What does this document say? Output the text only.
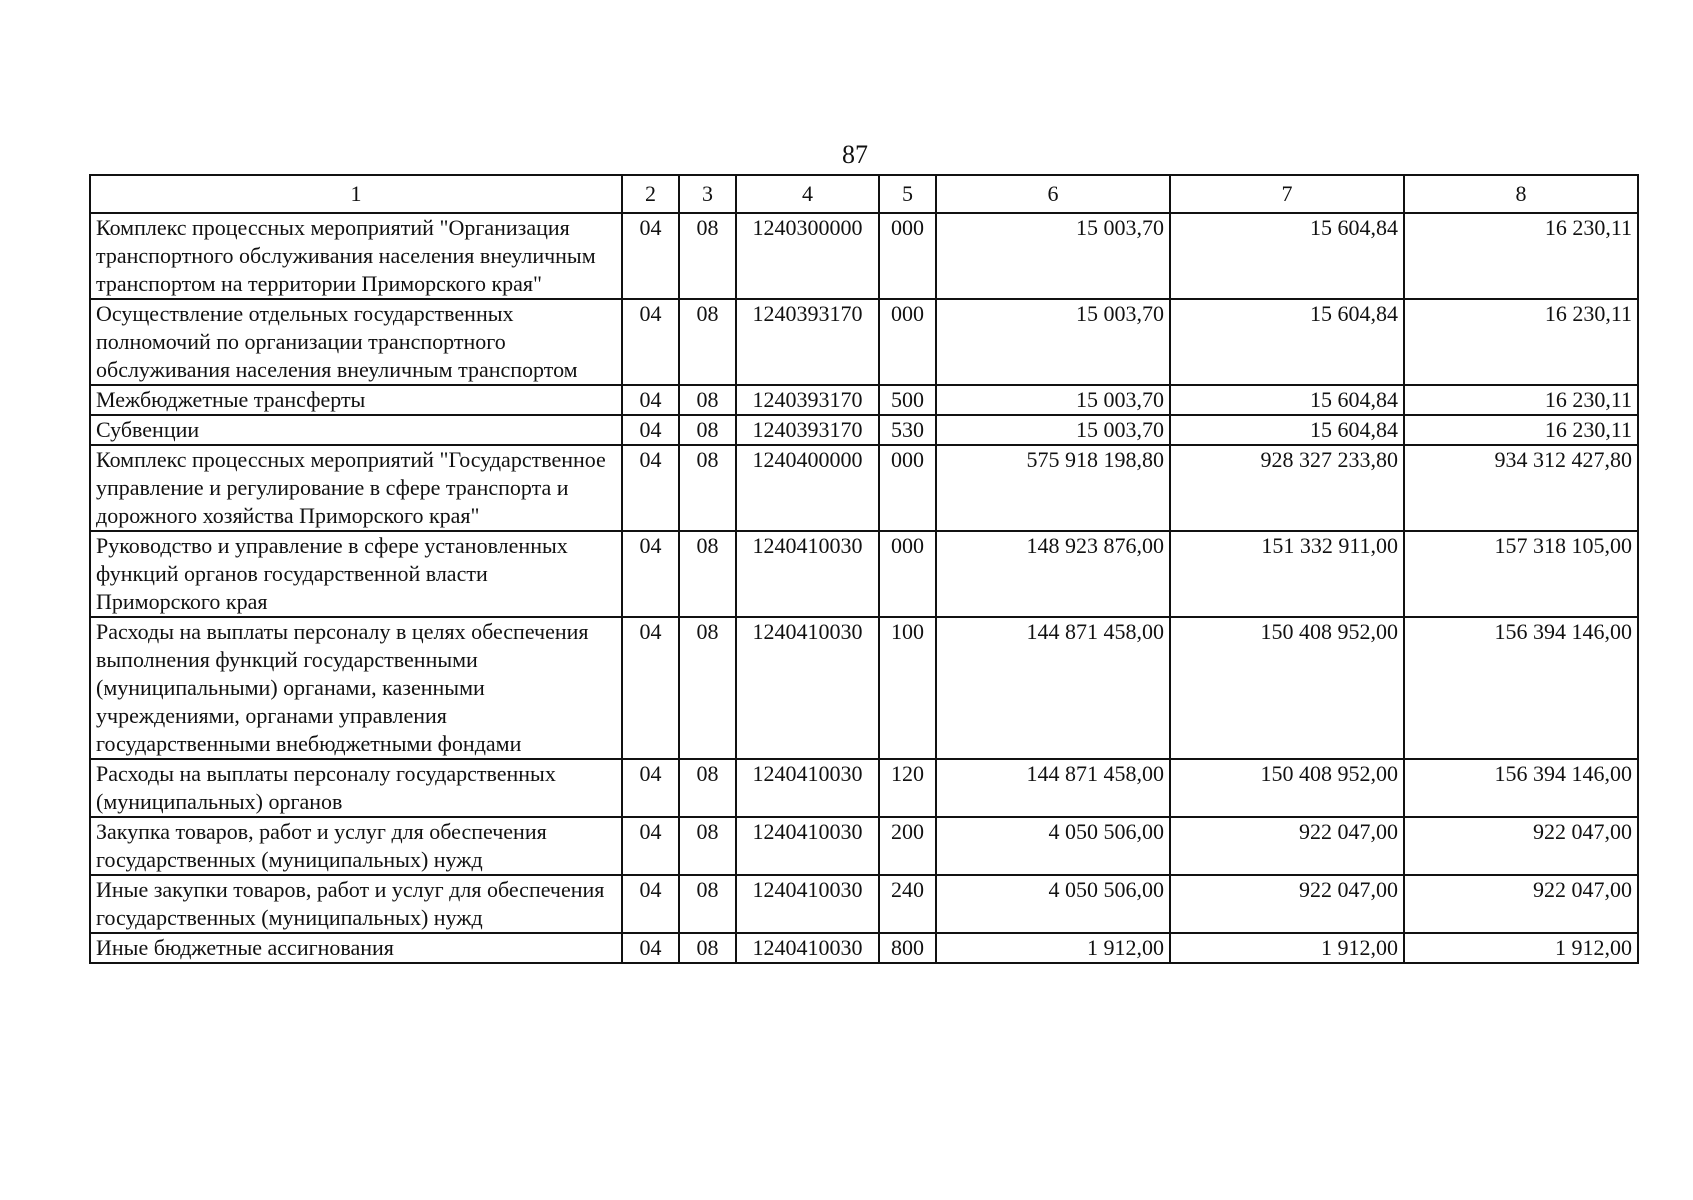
87
1	2	3	4	5	6	7	8
Комплекс процессных мероприятий "Организация транспортного обслуживания населения внеуличным транспортом на территории Приморского края"	04	08	1240300000	000	15 003,70	15 604,84	16 230,11
Осуществление отдельных государственных полномочий по организации транспортного обслуживания населения внеуличным транспортом	04	08	1240393170	000	15 003,70	15 604,84	16 230,11
Межбюджетные трансферты	04	08	1240393170	500	15 003,70	15 604,84	16 230,11
Субвенции	04	08	1240393170	530	15 003,70	15 604,84	16 230,11
Комплекс процессных мероприятий "Государственное управление и регулирование в сфере транспорта и дорожного хозяйства Приморского края"	04	08	1240400000	000	575 918 198,80	928 327 233,80	934 312 427,80
Руководство и управление в сфере установленных функций органов государственной власти Приморского края	04	08	1240410030	000	148 923 876,00	151 332 911,00	157 318 105,00
Расходы на выплаты персоналу в целях обеспечения выполнения функций государственными (муниципальными) органами, казенными учреждениями, органами управления государственными внебюджетными фондами	04	08	1240410030	100	144 871 458,00	150 408 952,00	156 394 146,00
Расходы на выплаты персоналу государственных (муниципальных) органов	04	08	1240410030	120	144 871 458,00	150 408 952,00	156 394 146,00
Закупка товаров, работ и услуг для обеспечения государственных (муниципальных) нужд	04	08	1240410030	200	4 050 506,00	922 047,00	922 047,00
Иные закупки товаров, работ и услуг для обеспечения государственных (муниципальных) нужд	04	08	1240410030	240	4 050 506,00	922 047,00	922 047,00
Иные бюджетные ассигнования	04	08	1240410030	800	1 912,00	1 912,00	1 912,00
